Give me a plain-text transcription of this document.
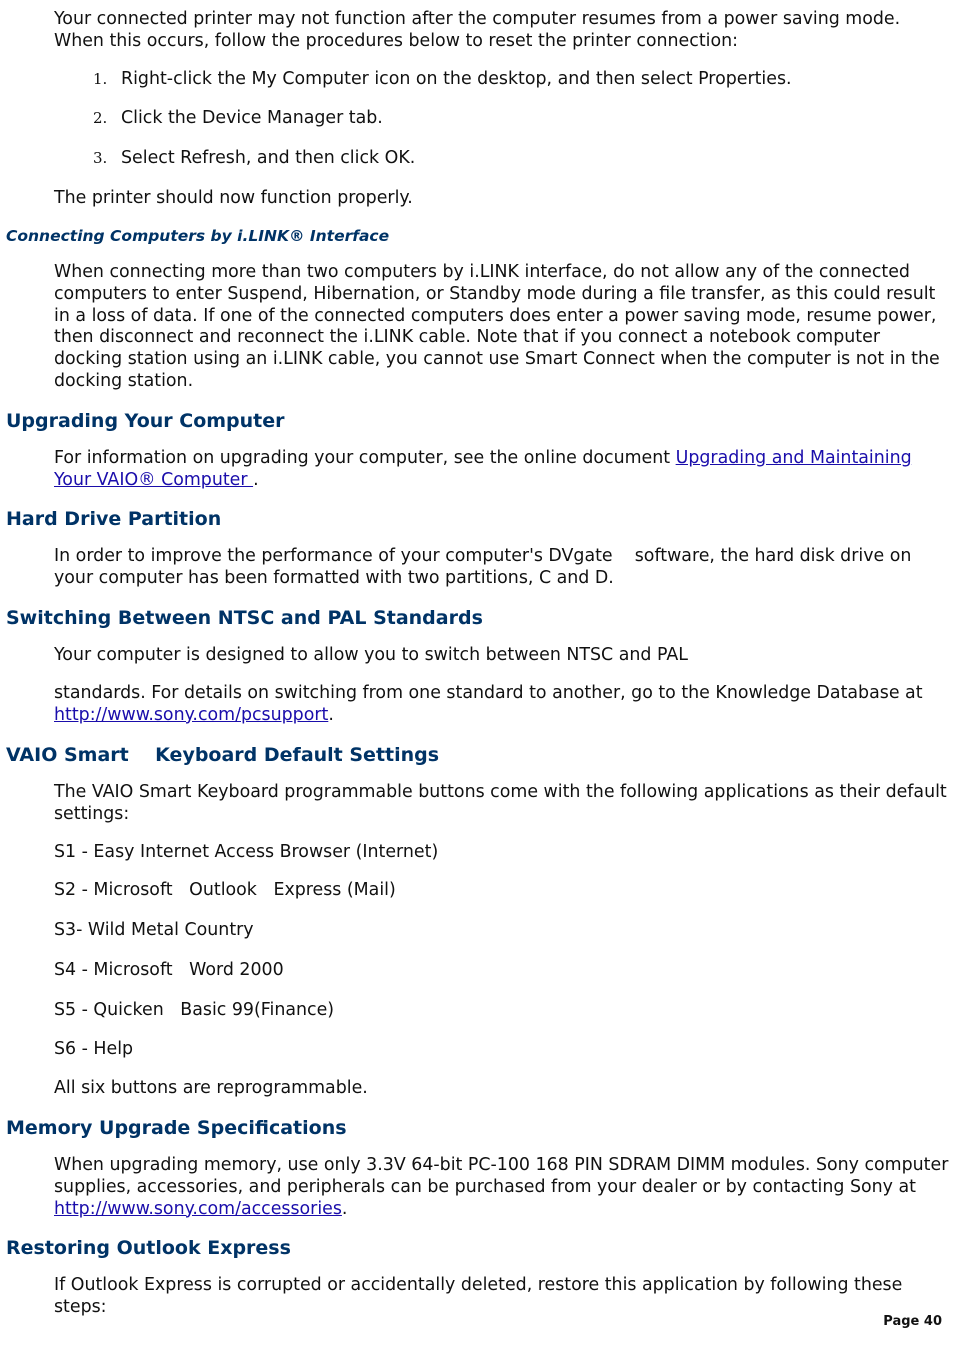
Your connected printer may not function after the computer resumes from a power saving mode. When this occurs, follow the procedures below to reset the printer connection:

1. Right-click the My Computer icon on the desktop, and then select Properties.
2. Click the Device Manager tab.
3. Select Refresh, and then click OK.

The printer should now function properly.

Connecting Computers by i.LINK® Interface

When connecting more than two computers by i.LINK interface, do not allow any of the connected computers to enter Suspend, Hibernation, or Standby mode during a file transfer, as this could result in a loss of data. If one of the connected computers does enter a power saving mode, resume power, then disconnect and reconnect the i.LINK cable. Note that if you connect a notebook computer docking station using an i.LINK cable, you cannot use Smart Connect when the computer is not in the docking station.

Upgrading Your Computer

For information on upgrading your computer, see the online document Upgrading and Maintaining Your VAIO® Computer .

Hard Drive Partition

In order to improve the performance of your computer's DVgate    software, the hard disk drive on your computer has been formatted with two partitions, C and D.

Switching Between NTSC and PAL Standards

Your computer is designed to allow you to switch between NTSC and PAL

standards. For details on switching from one standard to another, go to the Knowledge Database at http://www.sony.com/pcsupport.

VAIO Smart    Keyboard Default Settings

The VAIO Smart Keyboard programmable buttons come with the following applications as their default settings:

S1 - Easy Internet Access Browser (Internet)

S2 - Microsoft   Outlook   Express (Mail)

S3- Wild Metal Country

S4 - Microsoft   Word 2000

S5 - Quicken   Basic 99(Finance)

S6 - Help

All six buttons are reprogrammable.

Memory Upgrade Specifications

When upgrading memory, use only 3.3V 64-bit PC-100 168 PIN SDRAM DIMM modules. Sony computer supplies, accessories, and peripherals can be purchased from your dealer or by contacting Sony at http://www.sony.com/accessories.

Restoring Outlook Express

If Outlook Express is corrupted or accidentally deleted, restore this application by following these steps:

Page 40
